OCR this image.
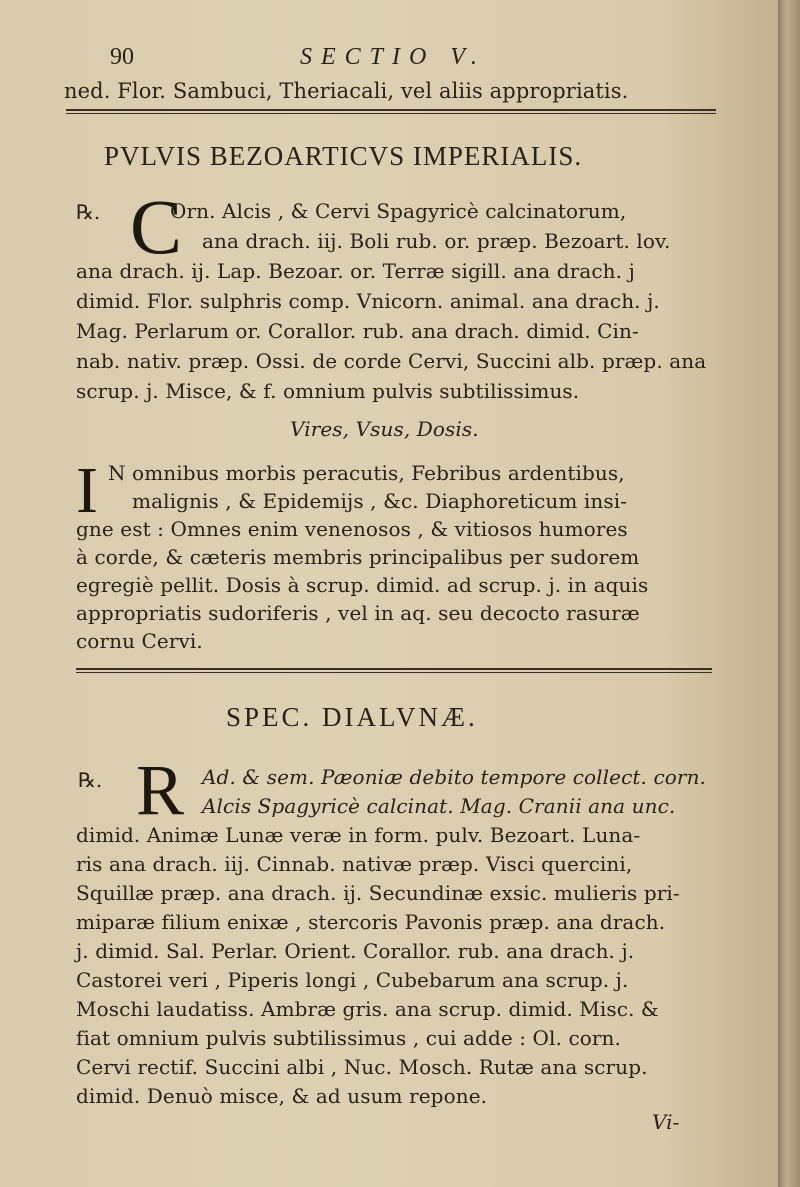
90	SECTIO V.
ned. Flor. Sambuci, Theriacali, vel aliis appropriatis.
PVLVIS BEZOARTICVS IMPERIALIS.
℞. C
Orn. Alcis , & Cervi Spagyricè calcinatorum,
ana drach. iij. Boli rub. or. præp. Bezoart. lov.
ana drach. ij. Lap. Bezoar. or. Terræ sigill. ana drach. j
dimid. Flor. sulphris comp. Vnicorn. animal. ana drach. j.
Mag. Perlarum or. Corallor. rub. ana drach. dimid. Cin-
nab. nativ. præp. Ossi. de corde Cervi, Succini alb. præp. ana
scrup. j. Misce, & f. omnium pulvis subtilissimus.
Vires, Vsus, Dosis.
I N omnibus morbis peracutis, Febribus ardentibus,
malignis , & Epidemijs , &c. Diaphoreticum insi-
gne est : Omnes enim venenosos , & vitiosos humores
à corde, & cæteris membris principalibus per sudorem
egregiè pellit. Dosis à scrup. dimid. ad scrup. j. in aquis
appropriatis sudoriferis , vel in aq. seu decocto rasuræ
cornu Cervi.
SPEC. DIALVNÆ.
℞. R Ad. & sem. Pæoniæ debito tempore collect. corn.
Alcis Spagyricè calcinat. Mag. Cranii ana unc.
dimid. Animæ Lunæ veræ in form. pulv. Bezoart. Luna-
ris ana drach. iij. Cinnab. nativæ præp. Visci quercini,
Squillæ præp. ana drach. ij. Secundinæ exsic. mulieris pri-
miparæ filium enixæ , stercoris Pavonis præp. ana drach.
j. dimid. Sal. Perlar. Orient. Corallor. rub. ana drach. j.
Castorei veri , Piperis longi , Cubebarum ana scrup. j.
Moschi laudatiss. Ambræ gris. ana scrup. dimid. Misc. &
fiat omnium pulvis subtilissimus , cui adde : Ol. corn.
Cervi rectif. Succini albi , Nuc. Mosch. Rutæ ana scrup.
dimid. Denuò misce, & ad usum repone.
Vi-
